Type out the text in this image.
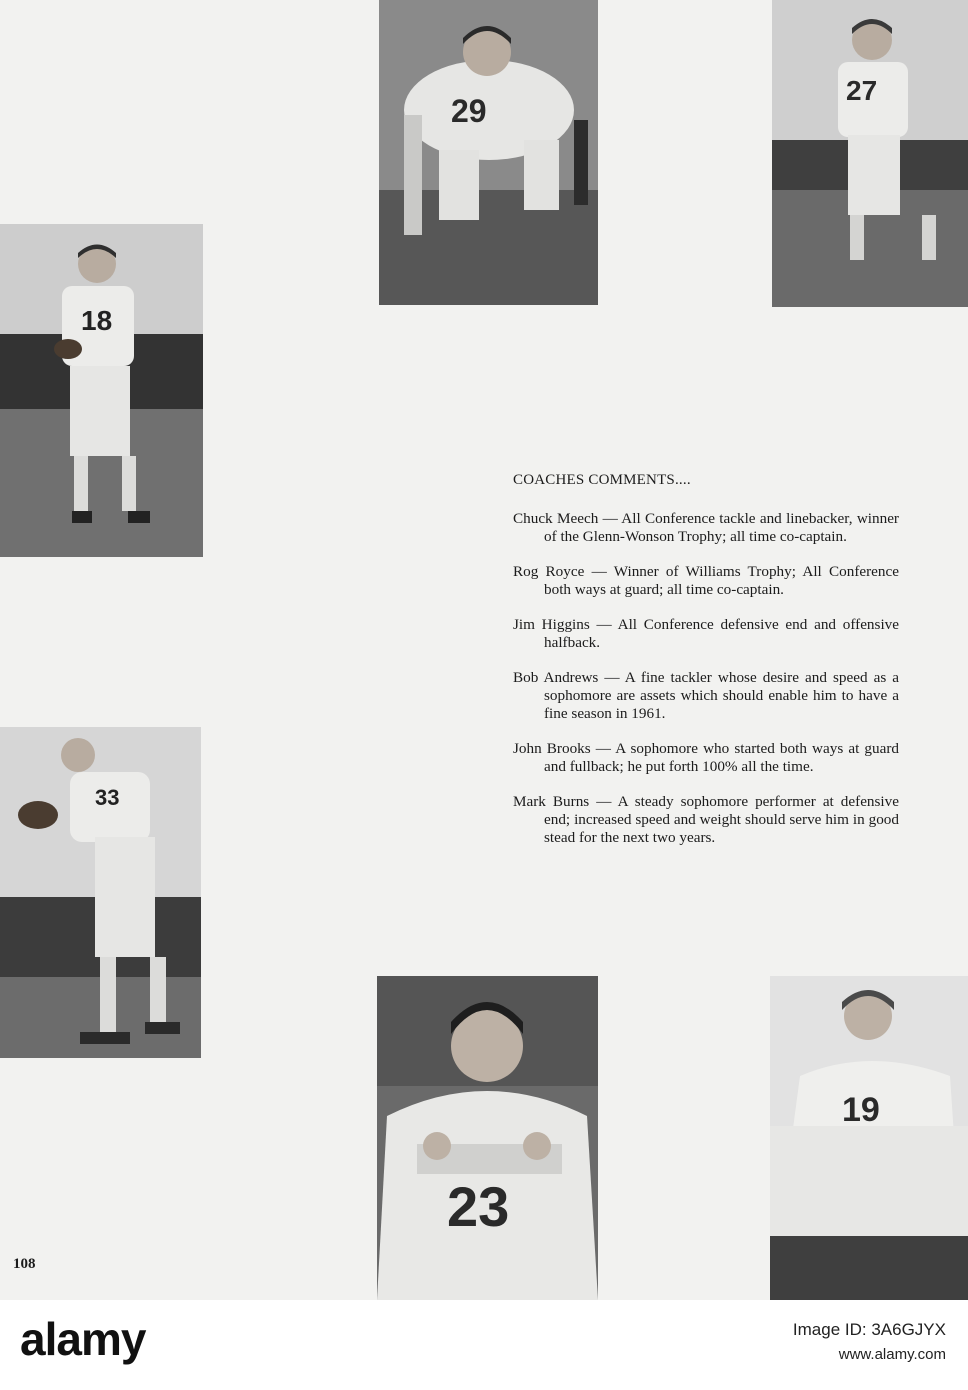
29
27
18
33
23
19
COACHES COMMENTS....

Chuck Meech — All Conference tackle and linebacker, winner of the Glenn-Wonson Trophy; all time co-captain.

Rog Royce — Winner of Williams Trophy; All Conference both ways at guard; all time co-captain.

Jim Higgins — All Conference defensive end and offensive halfback.

Bob Andrews — A fine tackler whose desire and speed as a sophomore are assets which should enable him to have a fine season in 1961.

John Brooks — A sophomore who started both ways at guard and fullback; he put forth 100% all the time.

Mark Burns — A steady sophomore performer at defensive end; increased speed and weight should serve him in good stead for the next two years.

108
alamy	Image ID: 3A6GJYX
www.alamy.com
